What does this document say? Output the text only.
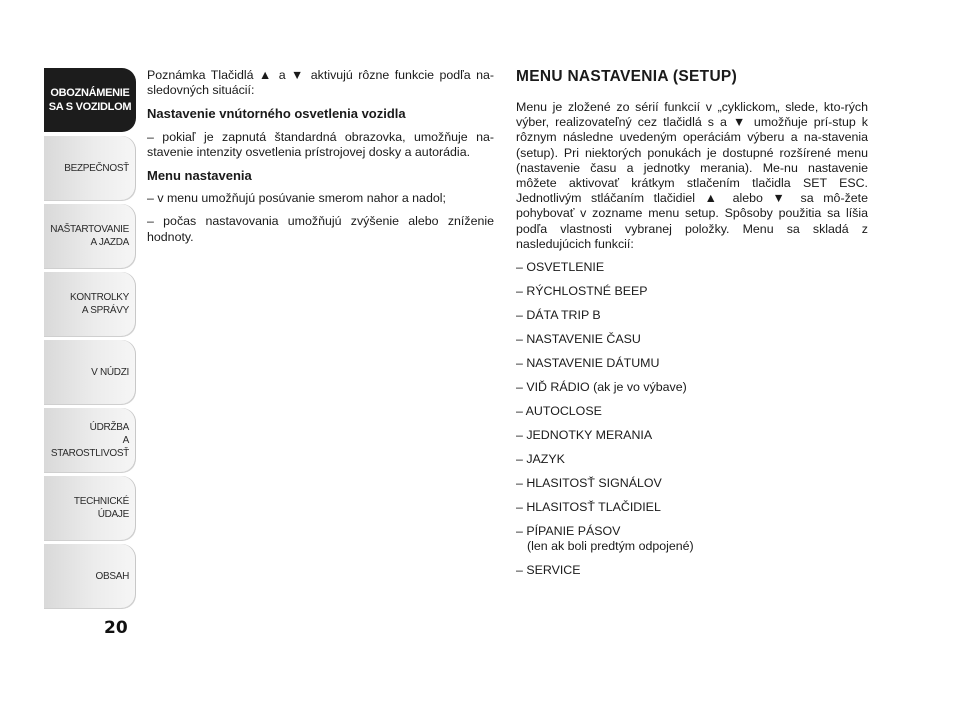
OBOZNÁMENIE
SA S VOZIDLOM
BEZPEČNOSŤ
NAŠTARTOVANIE
A JAZDA
KONTROLKY
A SPRÁVY
V NÚDZI
ÚDRŽBA
A STAROSTLIVOSŤ
TECHNICKÉ
ÚDAJE
OBSAH
20

Poznámka Tlačidlá ▲ a ▼ aktivujú rôzne funkcie podľa na-sledovných situácií:

Nastavenie vnútorného osvetlenia vozidla

– pokiaľ je zapnutá štandardná obrazovka, umožňuje na-stavenie intenzity osvetlenia prístrojovej dosky a autorádia.

Menu nastavenia

– v menu umožňujú posúvanie smerom nahor a nadol;

– počas nastavovania umožňujú zvýšenie alebo zníženie hodnoty.

MENU NASTAVENIA (SETUP)

Menu je zložené zo sérií funkcií v „cyklickom„ slede, kto-rých výber, realizovateľný cez tlačidlá s a ▼ umožňuje prí-stup k rôznym následne uvedeným operáciám výberu a na-stavenia (setup). Pri niektorých ponukách je dostupné rozšírené menu (nastavenie času a jednotky merania). Me-nu nastavenie môžete aktivovať krátkym stlačením tlačidla SET ESC. Jednotlivým stláčaním tlačidiel ▲ alebo ▼ sa mô-žete pohybovať v zozname menu setup. Spôsoby použitia sa líšia podľa vlastnosti vybranej položky. Menu sa skladá z nasledujúcich funkcií:

– OSVETLENIE
– RÝCHLOSTNÉ BEEP
– DÁTA TRIP B
– NASTAVENIE ČASU
– NASTAVENIE DÁTUMU
– VIĎ RÁDIO (ak je vo výbave)
– AUTOCLOSE
– JEDNOTKY MERANIA
– JAZYK
– HLASITOSŤ SIGNÁLOV
– HLASITOSŤ TLAČIDIEL
– PÍPANIE PÁSOV
(len ak boli predtým odpojené)
– SERVICE
